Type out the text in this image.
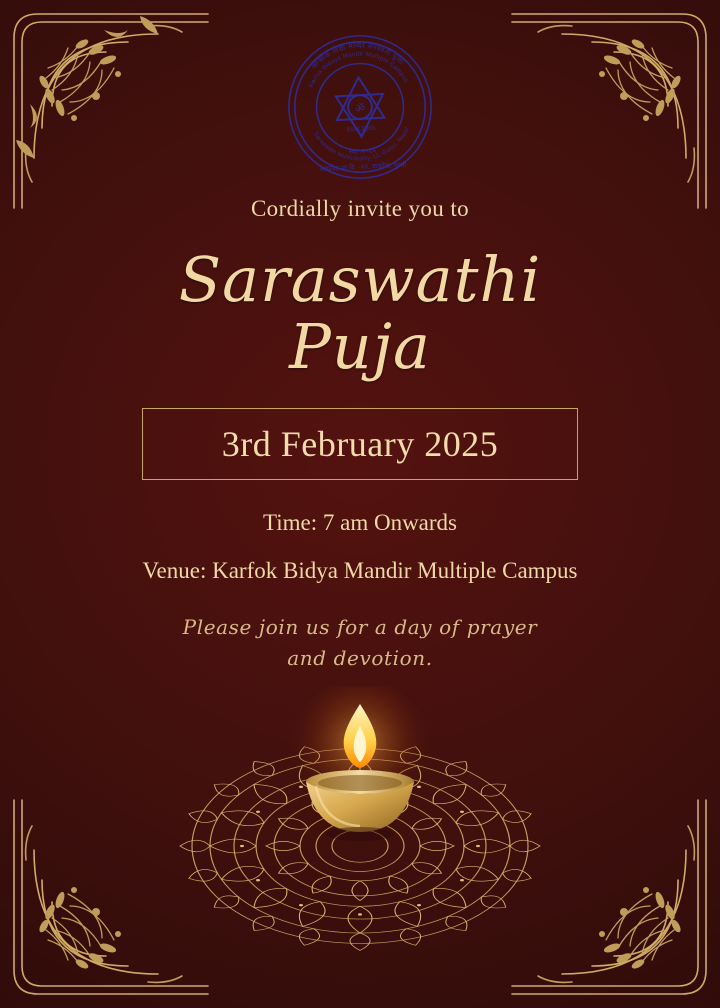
ॐ
कार्फोक विद्या मन्दिर सरस्वती पुजा
Karfok Bidaya Mandir Multiple Campus
Sarsawate Municipality-12, Gulmi, Nepal
Estd.2065
स्था.:२०६५
कार्फोक मा.वि. -१२, कर्फोक, गुल्मी
Cordially invite you to
Saraswathi
Puja
3rd February 2025
Time: 7 am Onwards
Venue: Karfok Bidya Mandir Multiple Campus
Please join us for a day of prayer
and devotion.
